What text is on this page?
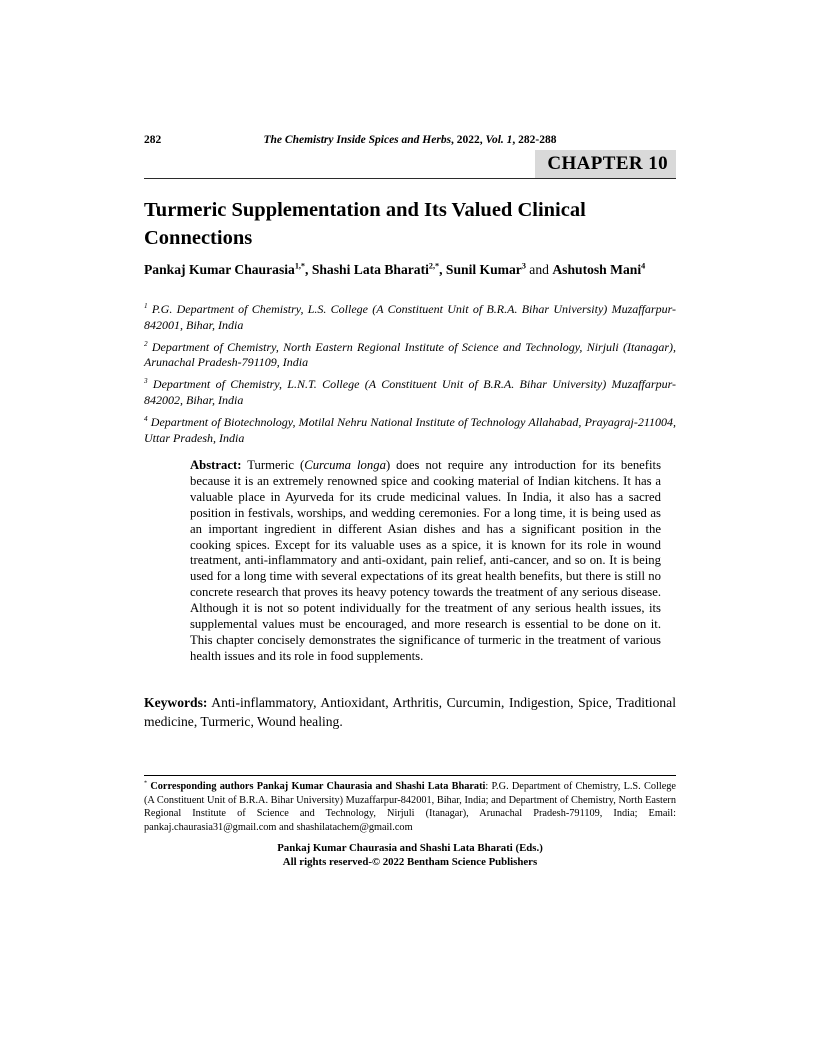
282	The Chemistry Inside Spices and Herbs, 2022, Vol. 1, 282-288
CHAPTER 10
Turmeric Supplementation and Its Valued Clinical Connections
Pankaj Kumar Chaurasia$^{1,*}$, Shashi Lata Bharati$^{2,*}$, Sunil Kumar$^3$ and Ashutosh Mani$^4$
$^1$ P.G. Department of Chemistry, L.S. College (A Constituent Unit of B.R.A. Bihar University) Muzaffarpur-842001, Bihar, India
$^2$ Department of Chemistry, North Eastern Regional Institute of Science and Technology, Nirjuli (Itanagar), Arunachal Pradesh-791109, India
$^3$ Department of Chemistry, L.N.T. College (A Constituent Unit of B.R.A. Bihar University) Muzaffarpur-842002, Bihar, India
$^4$ Department of Biotechnology, Motilal Nehru National Institute of Technology Allahabad, Prayagraj-211004, Uttar Pradesh, India
Abstract: Turmeric (Curcuma longa) does not require any introduction for its benefits because it is an extremely renowned spice and cooking material of Indian kitchens. It has a valuable place in Ayurveda for its crude medicinal values. In India, it also has a sacred position in festivals, worships, and wedding ceremonies. For a long time, it is being used as an important ingredient in different Asian dishes and has a significant position in the cooking spices. Except for its valuable uses as a spice, it is known for its role in wound treatment, anti-inflammatory and anti-oxidant, pain relief, anti-cancer, and so on. It is being used for a long time with several expectations of its great health benefits, but there is still no concrete research that proves its heavy potency towards the treatment of any serious disease. Although it is not so potent individually for the treatment of any serious health issues, its supplemental values must be encouraged, and more research is essential to be done on it. This chapter concisely demonstrates the significance of turmeric in the treatment of various health issues and its role in food supplements.
Keywords: Anti-inflammatory, Antioxidant, Arthritis, Curcumin, Indigestion, Spice, Traditional medicine, Turmeric, Wound healing.
* Corresponding authors Pankaj Kumar Chaurasia and Shashi Lata Bharati: P.G. Department of Chemistry, L.S. College (A Constituent Unit of B.R.A. Bihar University) Muzaffarpur-842001, Bihar, India; and Department of Chemistry, North Eastern Regional Institute of Science and Technology, Nirjuli (Itanagar), Arunachal Pradesh-791109, India; Email: pankaj.chaurasia31@gmail.com and shashilatachem@gmail.com
Pankaj Kumar Chaurasia and Shashi Lata Bharati (Eds.)
All rights reserved-© 2022 Bentham Science Publishers
